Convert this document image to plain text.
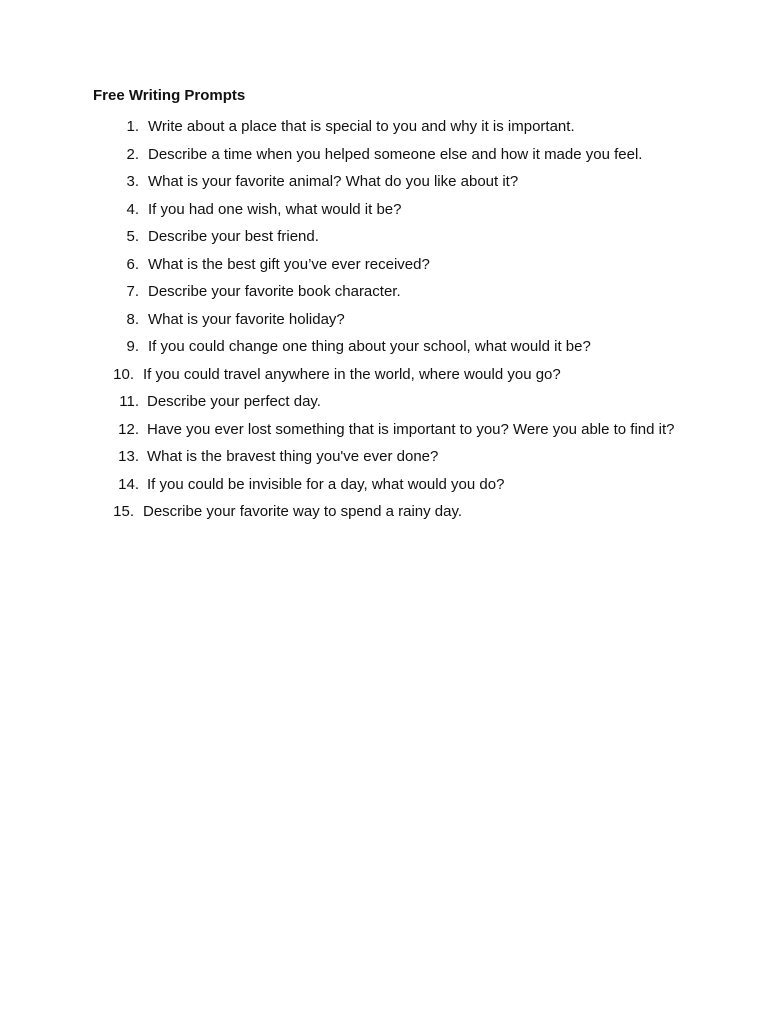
Free Writing Prompts
1. Write about a place that is special to you and why it is important.
2. Describe a time when you helped someone else and how it made you feel.
3. What is your favorite animal? What do you like about it?
4. If you had one wish, what would it be?
5. Describe your best friend.
6. What is the best gift you’ve ever received?
7. Describe your favorite book character.
8. What is your favorite holiday?
9. If you could change one thing about your school, what would it be?
10. If you could travel anywhere in the world, where would you go?
11. Describe your perfect day.
12. Have you ever lost something that is important to you? Were you able to find it?
13. What is the bravest thing you've ever done?
14. If you could be invisible for a day, what would you do?
15. Describe your favorite way to spend a rainy day.
